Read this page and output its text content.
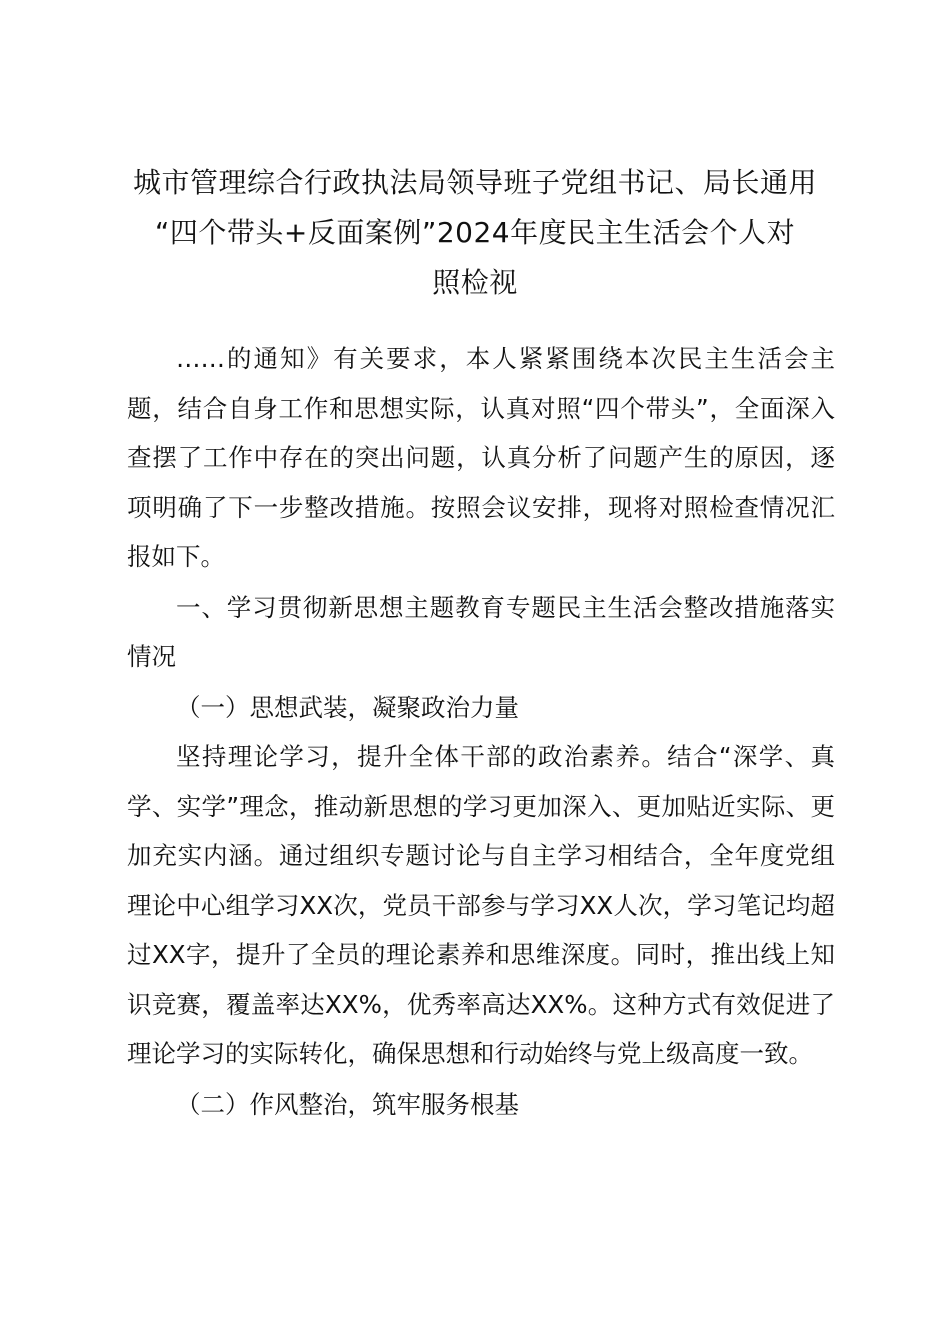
城市管理综合行政执法局领导班子党组书记、局长通用
“四个带头+反面案例”2024年度民主生活会个人对
照检视

……的通知》有关要求，本人紧紧围绕本次民主生活会主题，结合自身工作和思想实际，认真对照“四个带头”，全面深入查摆了工作中存在的突出问题，认真分析了问题产生的原因，逐项明确了下一步整改措施。按照会议安排，现将对照检查情况汇报如下。

一、学习贯彻新思想主题教育专题民主生活会整改措施落实情况

（一）思想武装，凝聚政治力量

坚持理论学习，提升全体干部的政治素养。结合“深学、真学、实学”理念，推动新思想的学习更加深入、更加贴近实际、更加充实内涵。通过组织专题讨论与自主学习相结合，全年度党组理论中心组学习XX次，党员干部参与学习XX人次，学习笔记均超过XX字，提升了全员的理论素养和思维深度。同时，推出线上知识竞赛，覆盖率达XX%，优秀率高达XX%。这种方式有效促进了理论学习的实际转化，确保思想和行动始终与党上级高度一致。

（二）作风整治，筑牢服务根基
